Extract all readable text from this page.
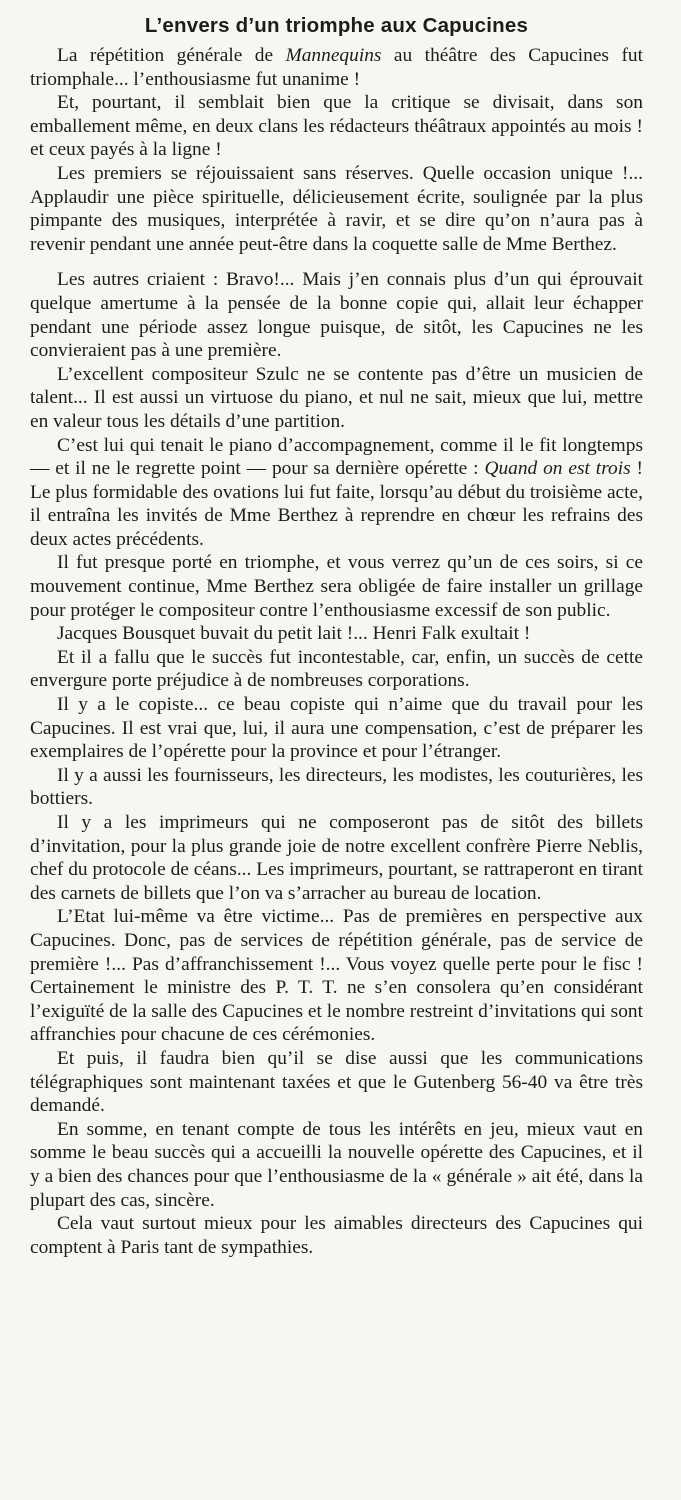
L’envers d’un triomphe aux Capucines

La répétition générale de Mannequins au théâtre des Capucines fut triomphale... l’enthousiasme fut unanime !

Et, pourtant, il semblait bien que la critique se divisait, dans son emballement même, en deux clans les rédacteurs théâtraux appointés au mois ! et ceux payés à la ligne !

Les premiers se réjouissaient sans réserves. Quelle occasion unique !... Applaudir une pièce spirituelle, délicieusement écrite, soulignée par la plus pimpante des musiques, interprétée à ravir, et se dire qu’on n’aura pas à revenir pendant une année peut-être dans la coquette salle de Mme Berthez.

Les autres criaient : Bravo!... Mais j’en connais plus d’un qui éprouvait quelque amertume à la pensée de la bonne copie qui, allait leur échapper pendant une période assez longue puisque, de sitôt, les Capucines ne les convieraient pas à une première.

L’excellent compositeur Szulc ne se contente pas d’être un musicien de talent... Il est aussi un virtuose du piano, et nul ne sait, mieux que lui, mettre en valeur tous les détails d’une partition.

C’est lui qui tenait le piano d’accompagnement, comme il le fit longtemps — et il ne le regrette point — pour sa dernière opérette : Quand on est trois ! Le plus formidable des ovations lui fut faite, lorsqu’au début du troisième acte, il entraîna les invités de Mme Berthez à reprendre en chœur les refrains des deux actes précédents.

Il fut presque porté en triomphe, et vous verrez qu’un de ces soirs, si ce mouvement continue, Mme Berthez sera obligée de faire installer un grillage pour protéger le compositeur contre l’enthousiasme excessif de son public.

Jacques Bousquet buvait du petit lait !... Henri Falk exultait !

Et il a fallu que le succès fut incontestable, car, enfin, un succès de cette envergure porte préjudice à de nombreuses corporations.

Il y a le copiste... ce beau copiste qui n’aime que du travail pour les Capucines. Il est vrai que, lui, il aura une compensation, c’est de préparer les exemplaires de l’opérette pour la province et pour l’étranger.

Il y a aussi les fournisseurs, les directeurs, les modistes, les couturières, les bottiers.

Il y a les imprimeurs qui ne composeront pas de sitôt des billets d’invitation, pour la plus grande joie de notre excellent confrère Pierre Neblis, chef du protocole de céans... Les imprimeurs, pourtant, se rattraperont en tirant des carnets de billets que l’on va s’arracher au bureau de location.

L’Etat lui-même va être victime... Pas de premières en perspective aux Capucines. Donc, pas de services de répétition générale, pas de service de première !... Pas d’affranchissement !... Vous voyez quelle perte pour le fisc ! Certainement le ministre des P. T. T. ne s’en consolera qu’en considérant l’exiguïté de la salle des Capucines et le nombre restreint d’invitations qui sont affranchies pour chacune de ces cérémonies.

Et puis, il faudra bien qu’il se dise aussi que les communications télégraphiques sont maintenant taxées et que le Gutenberg 56-40 va être très demandé.

En somme, en tenant compte de tous les intérêts en jeu, mieux vaut en somme le beau succès qui a accueilli la nouvelle opérette des Capucines, et il y a bien des chances pour que l’enthousiasme de la « générale » ait été, dans la plupart des cas, sincère.

Cela vaut surtout mieux pour les aimables directeurs des Capucines qui comptent à Paris tant de sympathies.
